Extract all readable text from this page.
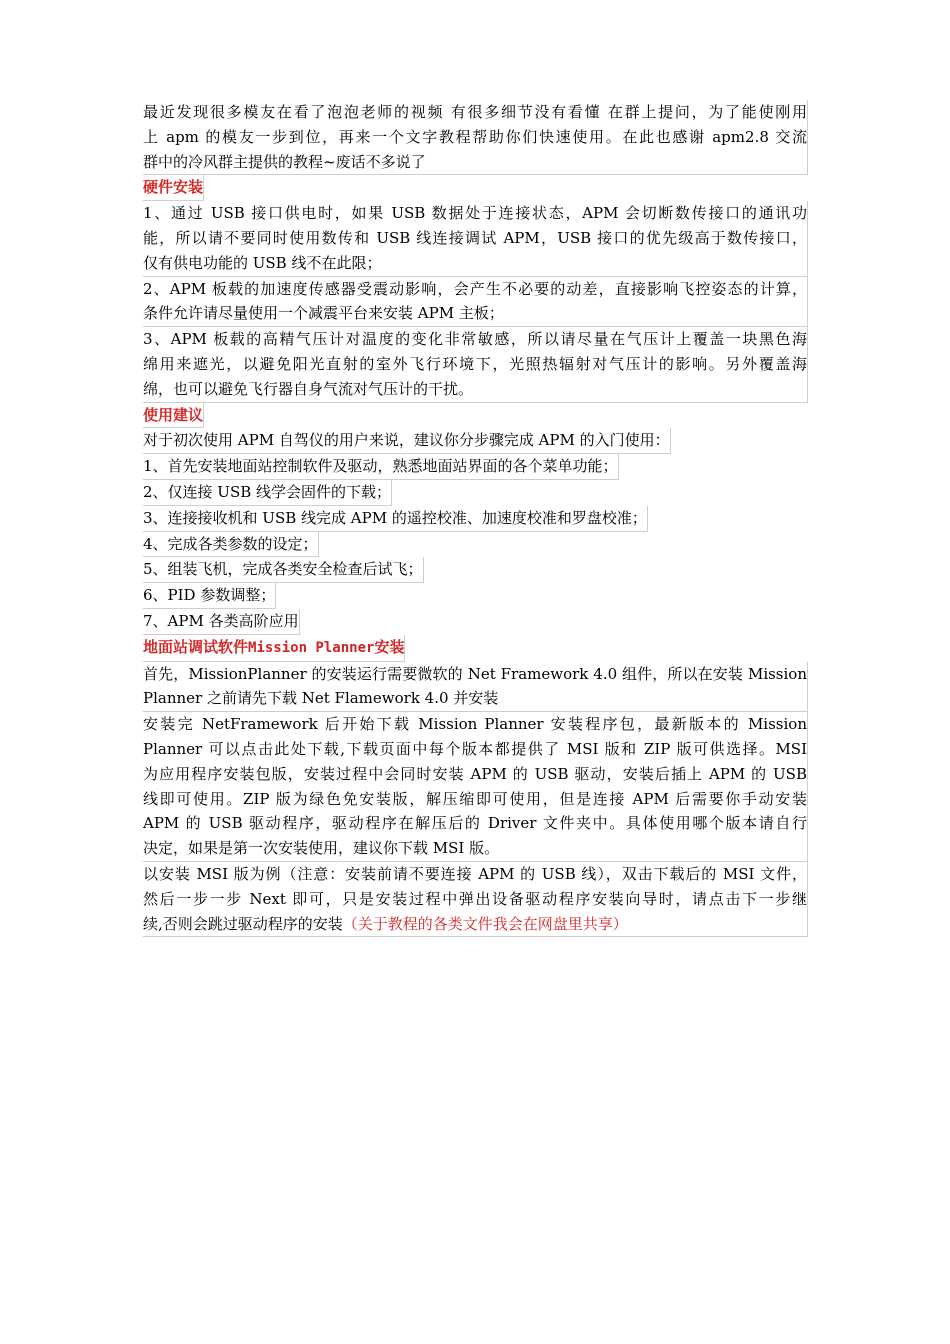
最近发现很多模友在看了泡泡老师的视频 有很多细节没有看懂 在群上提问，为了能使刚用
上 apm 的模友一步到位，再来一个文字教程帮助你们快速使用。在此也感谢 apm2.8 交流
群中的冷风群主提供的教程~废话不多说了
硬件安装
1、通过 USB 接口供电时，如果 USB 数据处于连接状态，APM 会切断数传接口的通讯功
能，所以请不要同时使用数传和 USB 线连接调试 APM，USB 接口的优先级高于数传接口，
仅有供电功能的 USB 线不在此限；
2、APM 板载的加速度传感器受震动影响，会产生不必要的动差，直接影响飞控姿态的计算，
条件允许请尽量使用一个减震平台来安装 APM 主板；
3、APM 板载的高精气压计对温度的变化非常敏感，所以请尽量在气压计上覆盖一块黑色海
绵用来遮光，以避免阳光直射的室外飞行环境下，光照热辐射对气压计的影响。另外覆盖海
绵，也可以避免飞行器自身气流对气压计的干扰。
使用建议
对于初次使用 APM 自驾仪的用户来说，建议你分步骤完成 APM 的入门使用：
1、首先安装地面站控制软件及驱动，熟悉地面站界面的各个菜单功能；
2、仅连接 USB 线学会固件的下载；
3、连接接收机和 USB 线完成 APM 的遥控校准、加速度校准和罗盘校准；
4、完成各类参数的设定；
5、组装飞机，完成各类安全检查后试飞；
6、PID 参数调整；
7、APM 各类高阶应用
地面站调试软件Mission Planner安装
首先，MissionPlanner 的安装运行需要微软的 Net Framework 4.0 组件，所以在安装 Mission
Planner 之前请先下载 Net Flamework 4.0 并安装
安装完 NetFramework 后开始下载 Mission Planner 安装程序包，最新版本的 Mission
Planner 可以点击此处下载,下载页面中每个版本都提供了 MSI 版和 ZIP 版可供选择。MSI
为应用程序安装包版，安装过程中会同时安装 APM 的 USB 驱动，安装后插上 APM 的 USB
线即可使用。ZIP 版为绿色免安装版，解压缩即可使用，但是连接 APM 后需要你手动安装
APM 的 USB 驱动程序，驱动程序在解压后的 Driver 文件夹中。具体使用哪个版本请自行
决定，如果是第一次安装使用，建议你下载 MSI 版。
以安装 MSI 版为例（注意：安装前请不要连接 APM 的 USB 线），双击下载后的 MSI 文件，
然后一步一步 Next 即可，只是安装过程中弹出设备驱动程序安装向导时，请点击下一步继
续,否则会跳过驱动程序的安装（关于教程的各类文件我会在网盘里共享）
